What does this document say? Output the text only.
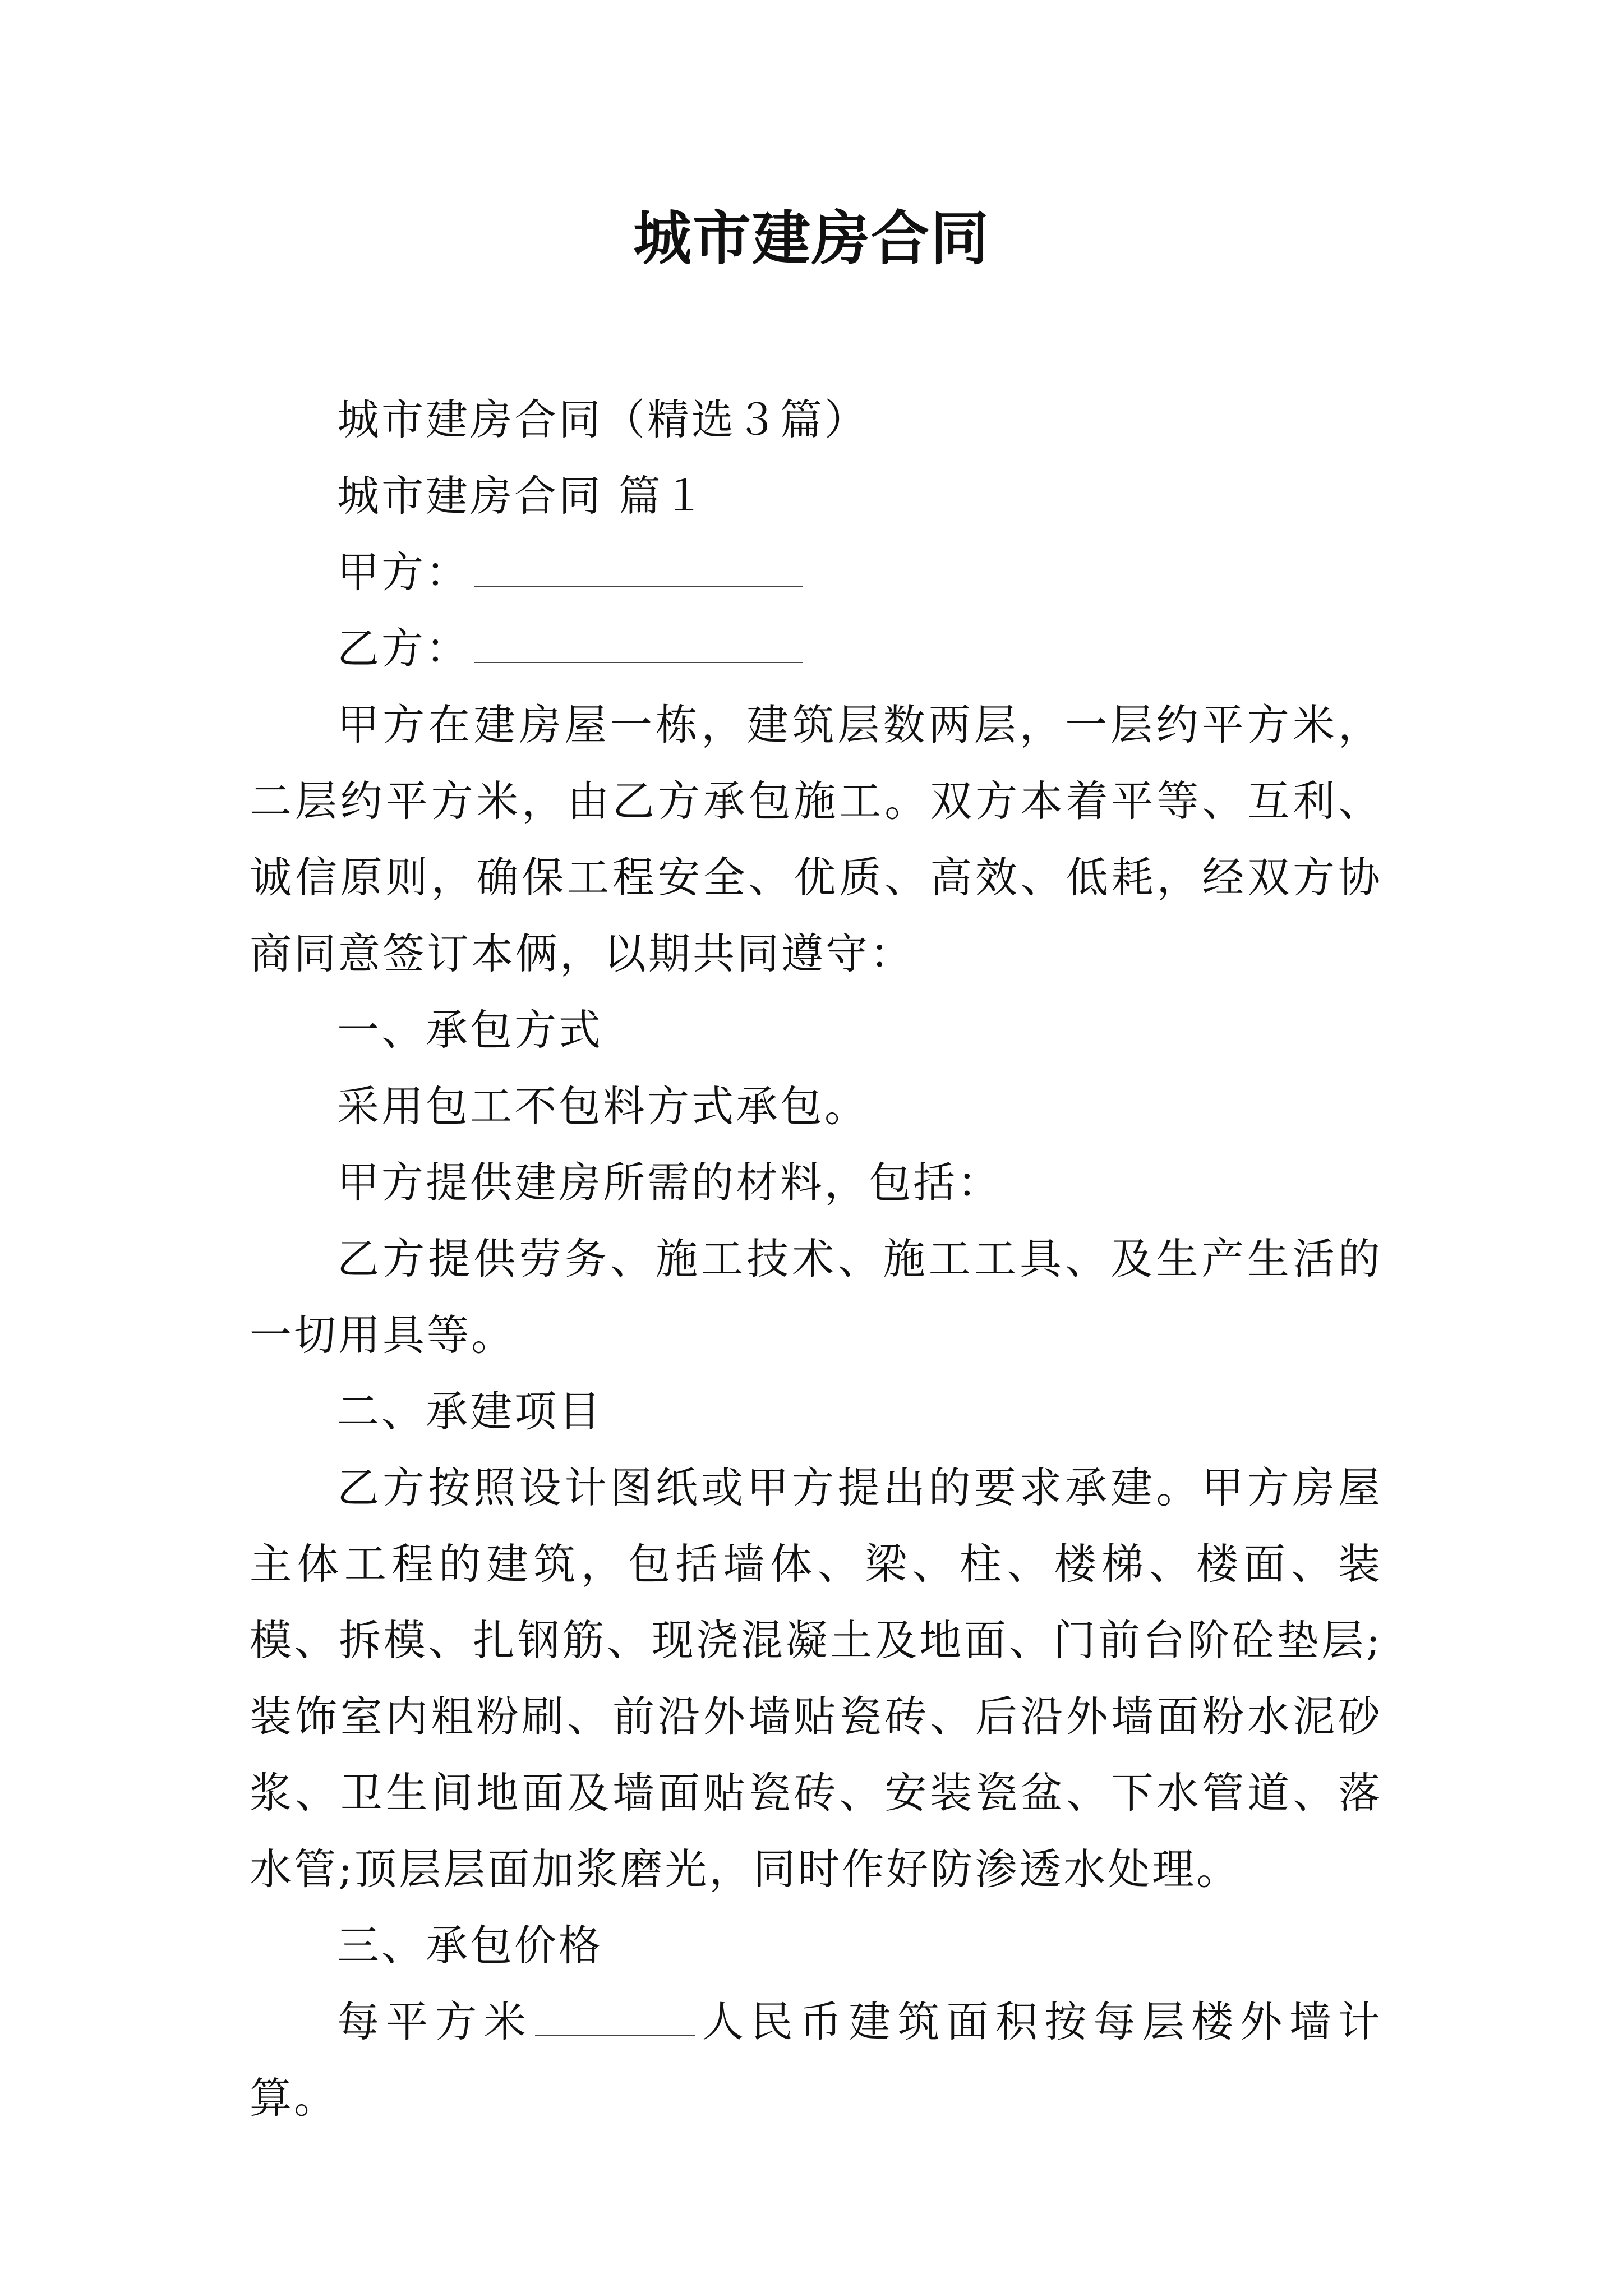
城市建房合同

城市建房合同（精选３篇）

城市建房合同 篇１

甲方：

乙方：

甲方在建房屋一栋，建筑层数两层，一层约平方米，二层约平方米，由乙方承包施工。双方本着平等、互利、诚信原则，确保工程安全、优质、高效、低耗，经双方协商同意签订本俩，以期共同遵守：

一、承包方式

采用包工不包料方式承包。

甲方提供建房所需的材料，包括：

乙方提供劳务、施工技术、施工工具、及生产生活的一切用具等。

二、承建项目

乙方按照设计图纸或甲方提出的要求承建。甲方房屋主体工程的建筑，包括墙体、梁、柱、楼梯、楼面、装模、拆模、扎钢筋、现浇混凝土及地面、门前台阶砼垫层;装饰室内粗粉刷、前沿外墙贴瓷砖、后沿外墙面粉水泥砂浆、卫生间地面及墙面贴瓷砖、安装瓷盆、下水管道、落水管;顶层层面加浆磨光，同时作好防渗透水处理。

三、承包价格

每平方米	人民币建筑面积按每层楼外墙计算。
